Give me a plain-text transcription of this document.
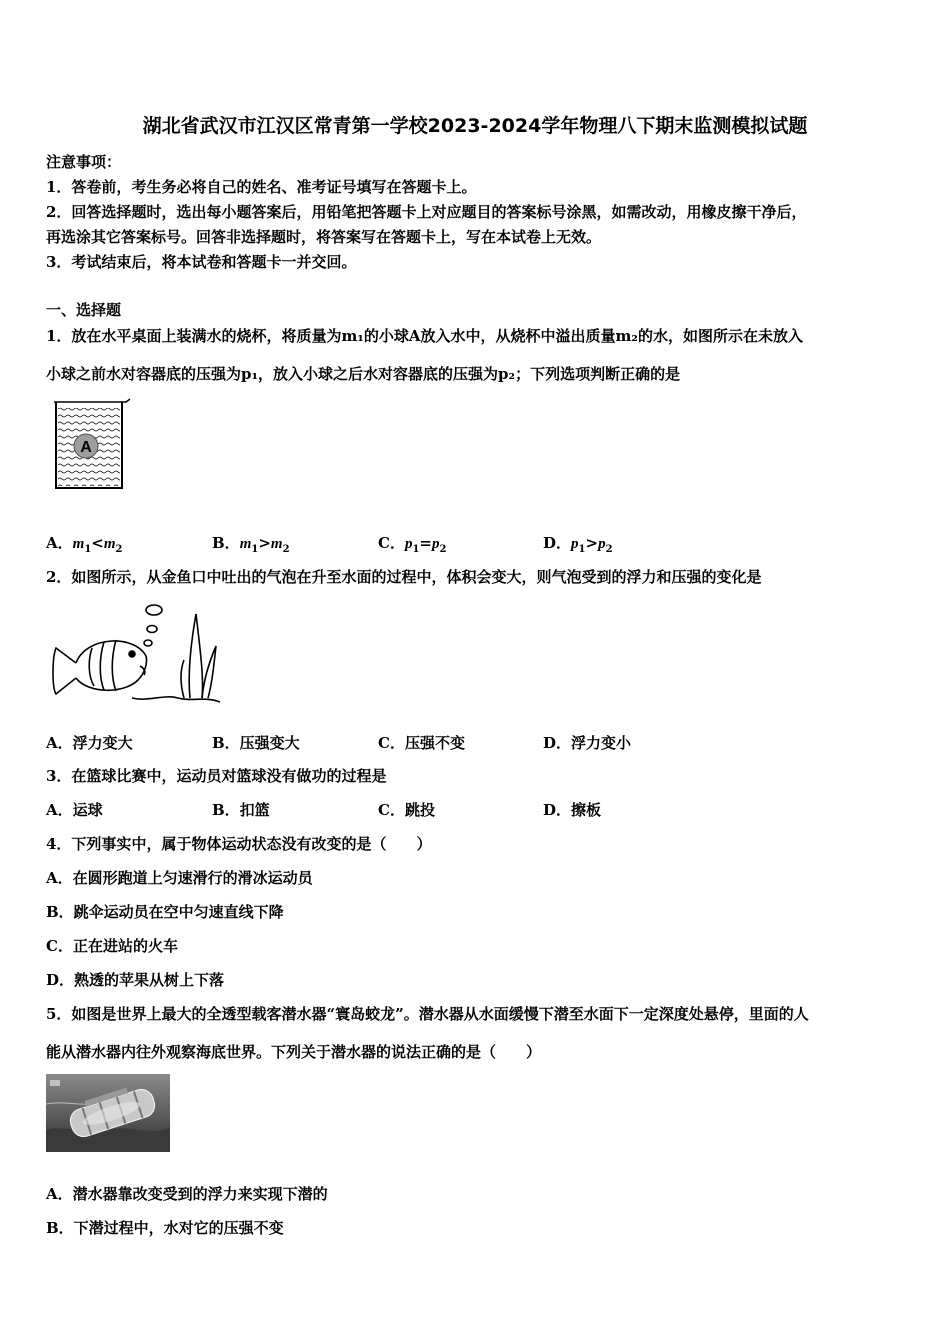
湖北省武汉市江汉区常青第一学校2023-2024学年物理八下期末监测模拟试题
注意事项：
1．答卷前，考生务必将自己的姓名、准考证号填写在答题卡上。
2．回答选择题时，选出每小题答案后，用铅笔把答题卡上对应题目的答案标号涂黑，如需改动，用橡皮擦干净后，
再选涂其它答案标号。回答非选择题时，将答案写在答题卡上，写在本试卷上无效。
3．考试结束后，将本试卷和答题卡一并交回。
一、选择题
1．放在水平桌面上装满水的烧杯，将质量为m₁的小球A放入水中，从烧杯中溢出质量m₂的水，如图所示在未放入
小球之前水对容器底的压强为p₁，放入小球之后水对容器底的压强为p₂；下列选项判断正确的是
A
A．$m_1<m_2$	B．$m_1>m_2$	C．$p_1=p_2$	D．$p_1>p_2$
2．如图所示，从金鱼口中吐出的气泡在升至水面的过程中，体积会变大，则气泡受到的浮力和压强的变化是
A．浮力变大	B．压强变大	C．压强不变	D．浮力变小
3．在篮球比赛中，运动员对篮球没有做功的过程是
A．运球	B．扣篮	C．跳投	D．擦板
4．下列事实中，属于物体运动状态没有改变的是（　　）
A．在圆形跑道上匀速滑行的滑冰运动员
B．跳伞运动员在空中匀速直线下降
C．正在进站的火车
D．熟透的苹果从树上下落
5．如图是世界上最大的全透型载客潜水器“寰岛蛟龙”。潜水器从水面缓慢下潜至水面下一定深度处悬停，里面的人
能从潜水器内往外观察海底世界。下列关于潜水器的说法正确的是（　　）
A．潜水器靠改变受到的浮力来实现下潜的
B．下潜过程中，水对它的压强不变
